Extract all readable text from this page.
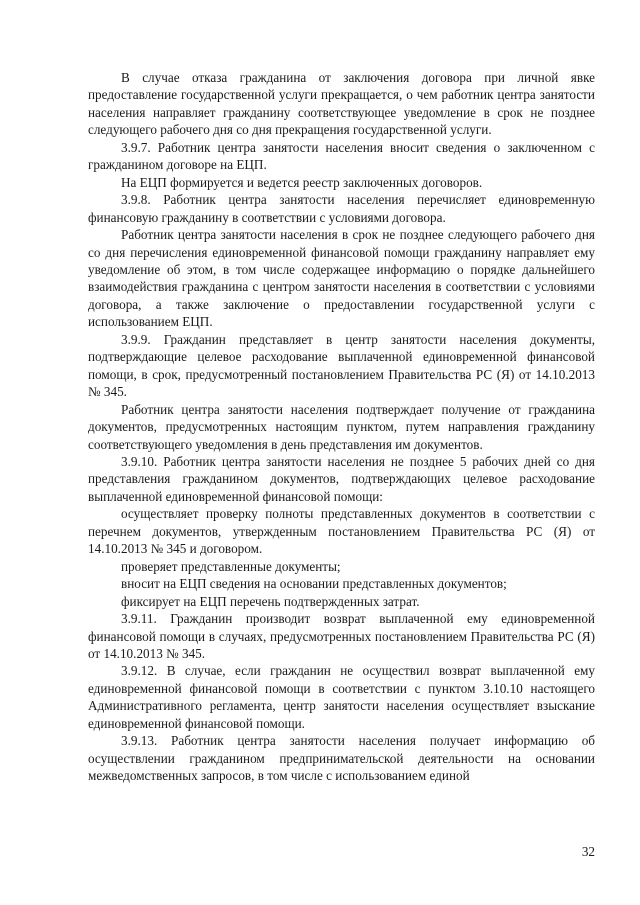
В случае отказа гражданина от заключения договора при личной явке предоставление государственной услуги прекращается, о чем работник центра занятости населения направляет гражданину соответствующее уведомление в срок не позднее следующего рабочего дня со дня прекращения государственной услуги.

3.9.7. Работник центра занятости населения вносит сведения о заключенном с гражданином договоре на ЕЦП.

На ЕЦП формируется и ведется реестр заключенных договоров.

3.9.8. Работник центра занятости населения перечисляет единовременную финансовую гражданину в соответствии с условиями договора.

Работник центра занятости населения в срок не позднее следующего рабочего дня со дня перечисления единовременной финансовой помощи гражданину направляет ему уведомление об этом, в том числе содержащее информацию о порядке дальнейшего взаимодействия гражданина с центром занятости населения в соответствии с условиями договора, а также заключение о предоставлении государственной услуги с использованием ЕЦП.

3.9.9. Гражданин представляет в центр занятости населения документы, подтверждающие целевое расходование выплаченной единовременной финансовой помощи, в срок, предусмотренный постановлением Правительства РС (Я) от 14.10.2013 № 345.

Работник центра занятости населения подтверждает получение от гражданина документов, предусмотренных настоящим пунктом, путем направления гражданину соответствующего уведомления в день представления им документов.

3.9.10. Работник центра занятости населения не позднее 5 рабочих дней со дня представления гражданином документов, подтверждающих целевое расходование выплаченной единовременной финансовой помощи:

осуществляет проверку полноты представленных документов в соответствии с перечнем документов, утвержденным постановлением Правительства РС (Я) от 14.10.2013 № 345 и договором.

проверяет представленные документы;

вносит на ЕЦП сведения на основании представленных документов;

фиксирует на ЕЦП перечень подтвержденных затрат.

3.9.11. Гражданин производит возврат выплаченной ему единовременной финансовой помощи в случаях, предусмотренных постановлением Правительства РС (Я) от 14.10.2013 № 345.

3.9.12. В случае, если гражданин не осуществил возврат выплаченной ему единовременной финансовой помощи в соответствии с пунктом 3.10.10 настоящего Административного регламента, центр занятости населения осуществляет взыскание единовременной финансовой помощи.

3.9.13. Работник центра занятости населения получает информацию об осуществлении гражданином предпринимательской деятельности на основании межведомственных запросов, в том числе с использованием единой

32
